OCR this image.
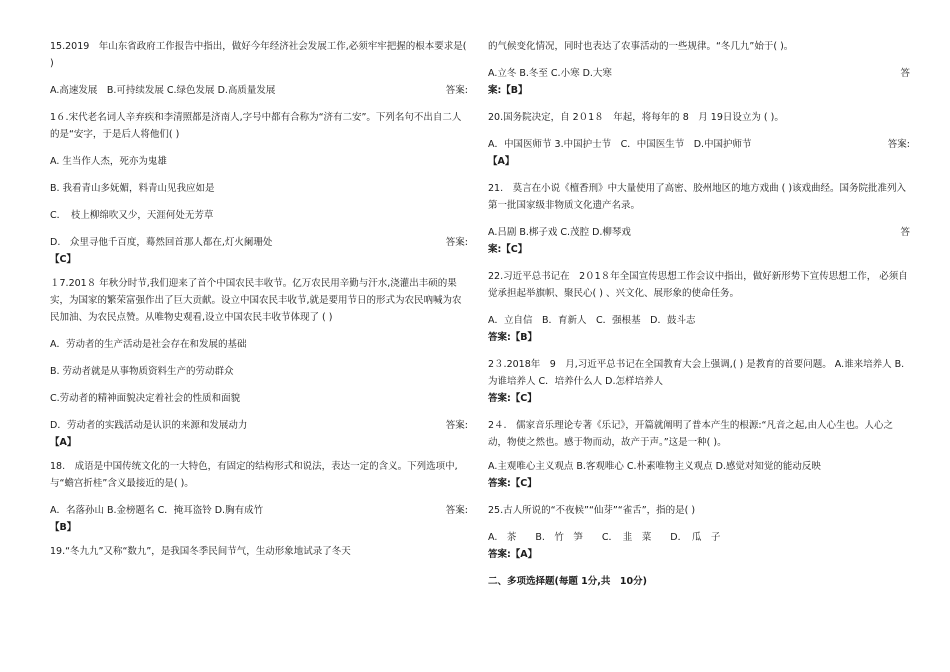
15.2019　年山东省政府工作报告中指出，做好今年经济社会发展工作,必须牢牢把握的根本要求是( )

A.高速发展　B.可持续发展 C.绿色发展 D.高质量发展	答案:

1６.宋代老名词人辛弃疾和李清照都是济南人,字号中都有合称为“济有二安”。下列名句不出自二人的是“安字，于是后人将他们( )

A. 生当作人杰，死亦为鬼雄

B. 我看青山多妩媚，料青山见我应如是

C．　枝上柳绵吹又少，天涯何处无芳草

D.　众里寻他千百度，蓦然回首那人都在,灯火阑珊处	答案:

【C】

１7.201８ 年秋分时节,我们迎来了首个中国农民丰收节。亿万农民用辛勤与汗水,浇灌出丰硕的果实，为国家的繁荣富强作出了巨大贡献。设立中国农民丰收节,就是要用节日的形式为农民吶喊为农民加油、为农民点赞。从唯物史观看,设立中国农民丰收节体现了 ( )

A．劳动者的生产活动是社会存在和发展的基础

B. 劳动者就是从事物质资料生产的劳动群众

C.劳动者的精神面貌决定着社会的性质和面貌

D．劳动者的实践活动是认识的来源和发展动力	答案:

【A】

18.　成语是中国传统文化的一大特色，有固定的结构形式和说法，表达一定的含义。下列选项中,与“蟾宫折桂”含义最接近的是( )。

A．名落孙山 B.金榜题名 C．掩耳盗铃 D.胸有成竹	答案:

【B】

19.“冬九九”又称“数九”，是我国冬季民间节气，生动形象地试录了冬天

的气候变化情况，同时也表达了农事活动的一些规律。“冬几九”始于( )。

A.立冬 B.冬至 C.小寒 D.大寒	答

案:【B】

20.国务院决定，自 2０1８　年起，将每年的 8　月 19日设立为 ( )。

A．中国医师节 3.中国护士节　C．中国医生节　D.中国护师节	答案:

【A】

21.　莫言在小说《檀香刑》中大量使用了高密、胶州地区的地方戏曲 ( )该戏曲经。国务院批准列入第一批国家级非物质文化遗产名录。

A.吕剧 B.梆子戏 C.茂腔 D.柳琴戏	答

案:【C】

22.习近平总书记在　2０1８年全国宣传思想工作会议中指出，做好新形势下宣传思想工作， 必须自觉承担起举旗帜、聚民心( ) 、兴文化、展形象的使命任务。

A．立自信　B．育新人　C．强根基　D．鼓斗志

答案:【B】

2３.2018年　9　月,习近平总书记在全国教育大会上强调,( ) 是教育的首要问题。 A.谁来培养人 B.为谁培养人 C．培养什么人 D.怎样培养人

答案:【C】

2４.　儒家音乐理论专著《乐记》，开篇就阐明了普本产生的根源:“凡音之起,由人心生也。人心之动，物使之然也。感于物而动，故产于声。”这是一种( )。

A.主观唯心主义观点 B.客观唯心 C.朴素唯物主义观点 D.感觉对知觉的能动反映

答案:【C】

25.古人所说的“不夜候”“仙芽”“雀舌”，指的是( )

A.　茶　　B.　竹　笋　　C．　韭　菜　　D．　瓜　子

答案:【A】

二、多项选择题(每题 1分,共　10分)
